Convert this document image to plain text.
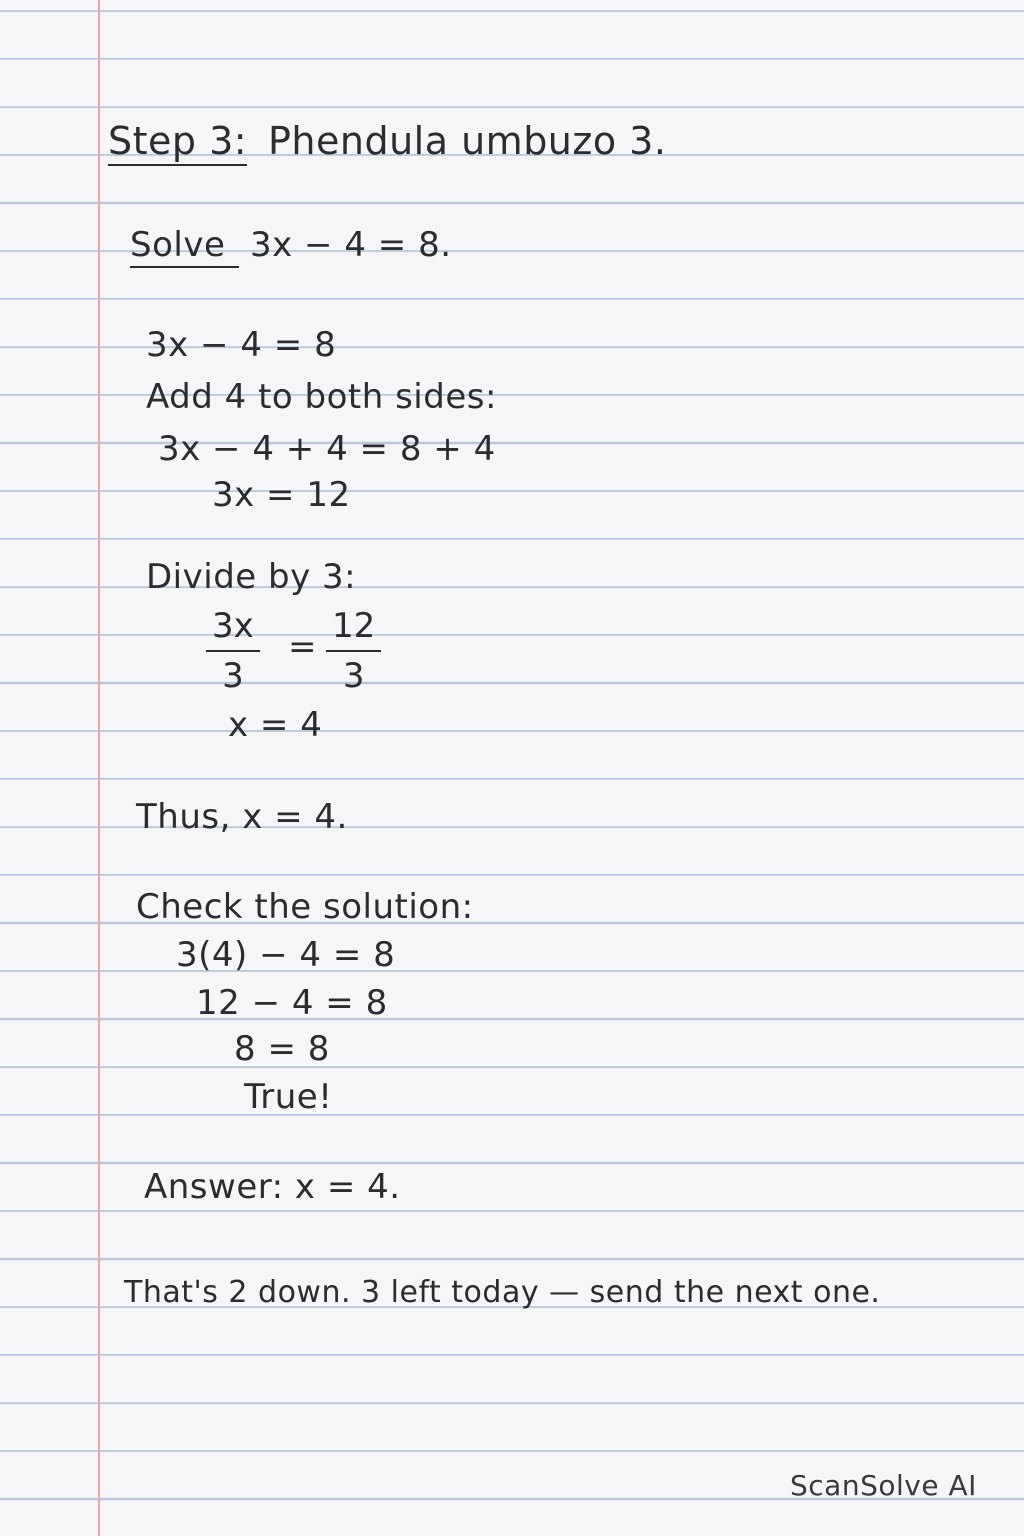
Step 3: Phendula umbuzo 3.
Solve 3x − 4 = 8.
3x − 4 = 8
Add 4 to both sides:
3x − 4 + 4 = 8 + 4
3x = 12
Divide by 3:
$\frac{3x}{3} = \frac{12}{3}$
x = 4
Thus, x = 4.
Check the solution:
3(4) − 4 = 8
12 − 4 = 8
8 = 8
True!
Answer: x = 4.
That's 2 down. 3 left today — send the next one.
ScanSolve AI
